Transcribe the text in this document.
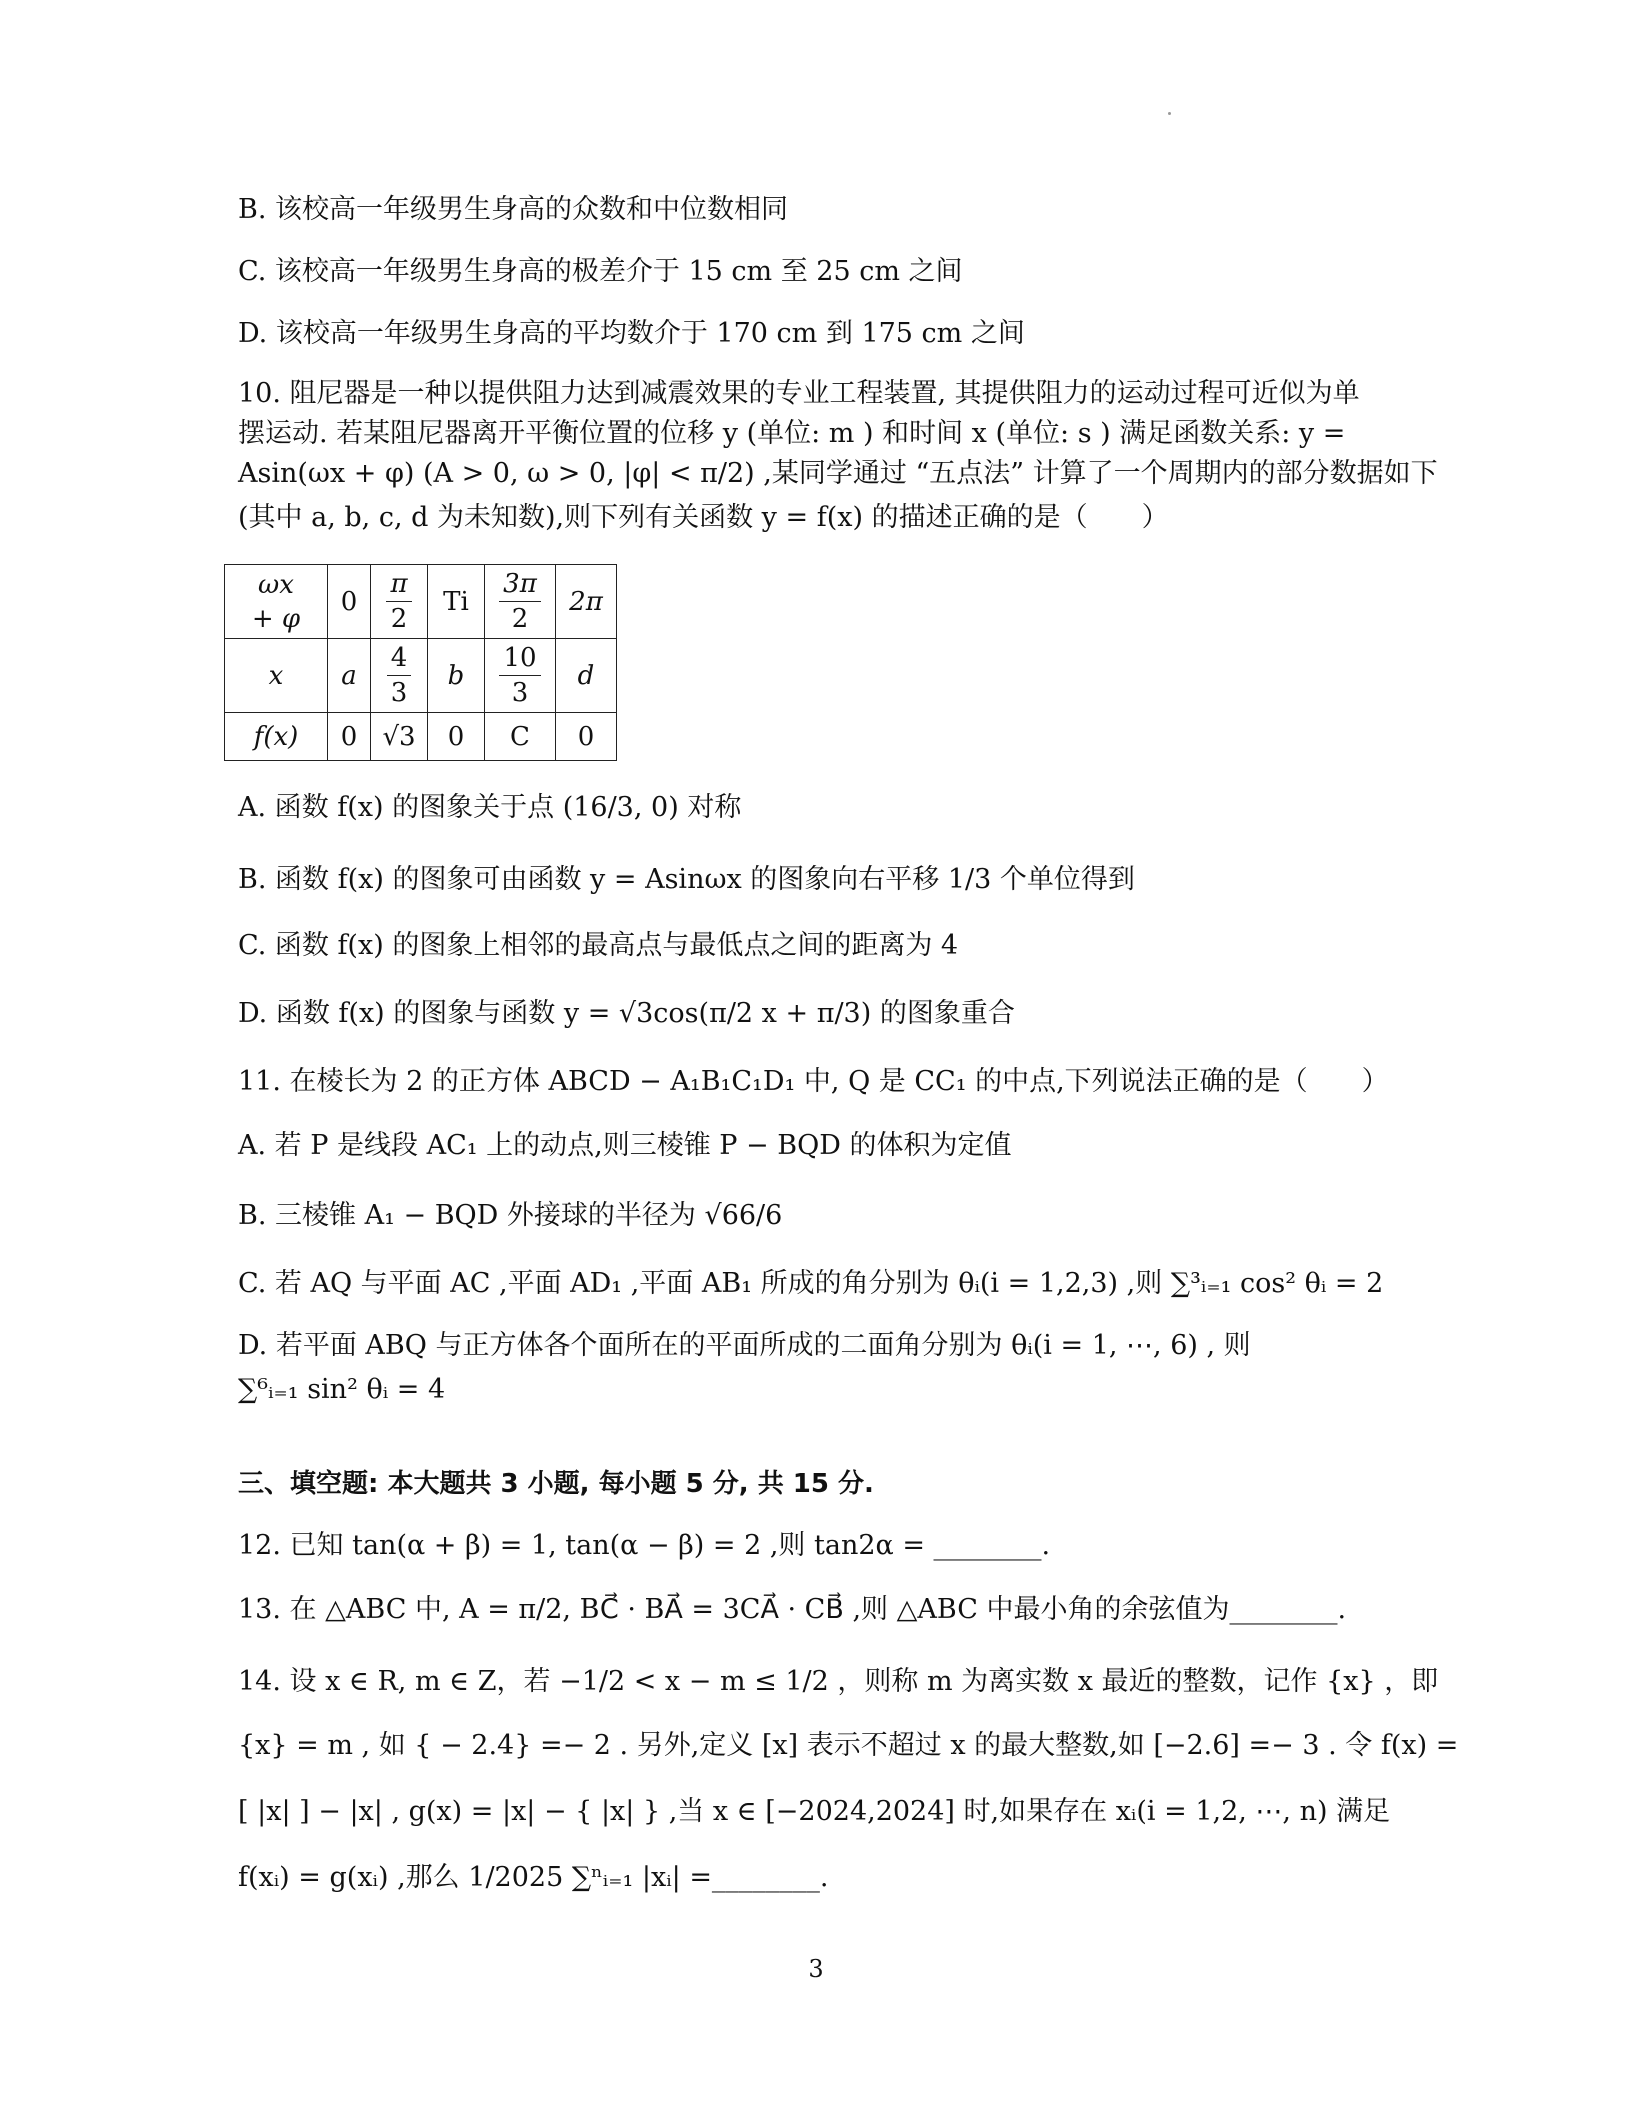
B. 该校高一年级男生身高的众数和中位数相同
C. 该校高一年级男生身高的极差介于 15 cm 至 25 cm 之间
D. 该校高一年级男生身高的平均数介于 170 cm 到 175 cm 之间
10. 阻尼器是一种以提供阻力达到减震效果的专业工程装置, 其提供阻力的运动过程可近似为单
摆运动. 若某阻尼器离开平衡位置的位移 y (单位: m ) 和时间 x (单位: s ) 满足函数关系: y =
Asin(ωx + φ) (A > 0, ω > 0, |φ| < π/2) ,某同学通过 “五点法” 计算了一个周期内的部分数据如下
(其中 a, b, c, d 为未知数),则下列有关函数 y = f(x) 的描述正确的是（　　）
ωx
+ φ	0	$\frac{\pi}{2}$	Ti	$\frac{3\pi}{2}$	2π
x	a	$\frac{4}{3}$	b	$\frac{10}{3}$	d
f(x)	0	√3	0	C	0
A. 函数 f(x) 的图象关于点 (16/3, 0) 对称
B. 函数 f(x) 的图象可由函数 y = Asinωx 的图象向右平移 1/3 个单位得到
C. 函数 f(x) 的图象上相邻的最高点与最低点之间的距离为 4
D. 函数 f(x) 的图象与函数 y = √3cos(π/2 x + π/3) 的图象重合
11. 在棱长为 2 的正方体 ABCD − A₁B₁C₁D₁ 中, Q 是 CC₁ 的中点,下列说法正确的是（　　）
A. 若 P 是线段 AC₁ 上的动点,则三棱锥 P − BQD 的体积为定值
B. 三棱锥 A₁ − BQD 外接球的半径为 √66/6
C. 若 AQ 与平面 AC ,平面 AD₁ ,平面 AB₁ 所成的角分别为 θᵢ(i = 1,2,3) ,则 ∑³ᵢ₌₁ cos² θᵢ = 2
D. 若平面 ABQ 与正方体各个面所在的平面所成的二面角分别为 θᵢ(i = 1, ⋯, 6) , 则
∑⁶ᵢ₌₁ sin² θᵢ = 4
三、填空题: 本大题共 3 小题, 每小题 5 分, 共 15 分.
12. 已知 tan(α + β) = 1, tan(α − β) = 2 ,则 tan2α = ________.
13. 在 △ABC 中, A = π/2, BC⃗ · BA⃗ = 3CA⃗ · CB⃗ ,则 △ABC 中最小角的余弦值为________.
14. 设 x ∈ R, m ∈ Z，若 −1/2 < x − m ≤ 1/2 ，则称 m 为离实数 x 最近的整数，记作 {x} ，即
{x} = m , 如 { − 2.4} =− 2 . 另外,定义 [x] 表示不超过 x 的最大整数,如 [−2.6] =− 3 . 令 f(x) =
[ |x| ] − |x| , g(x) = |x| − { |x| } ,当 x ∈ [−2024,2024] 时,如果存在 xᵢ(i = 1,2, ⋯, n) 满足
f(xᵢ) = g(xᵢ) ,那么 1/2025 ∑ⁿᵢ₌₁ |xᵢ| =________.
3
